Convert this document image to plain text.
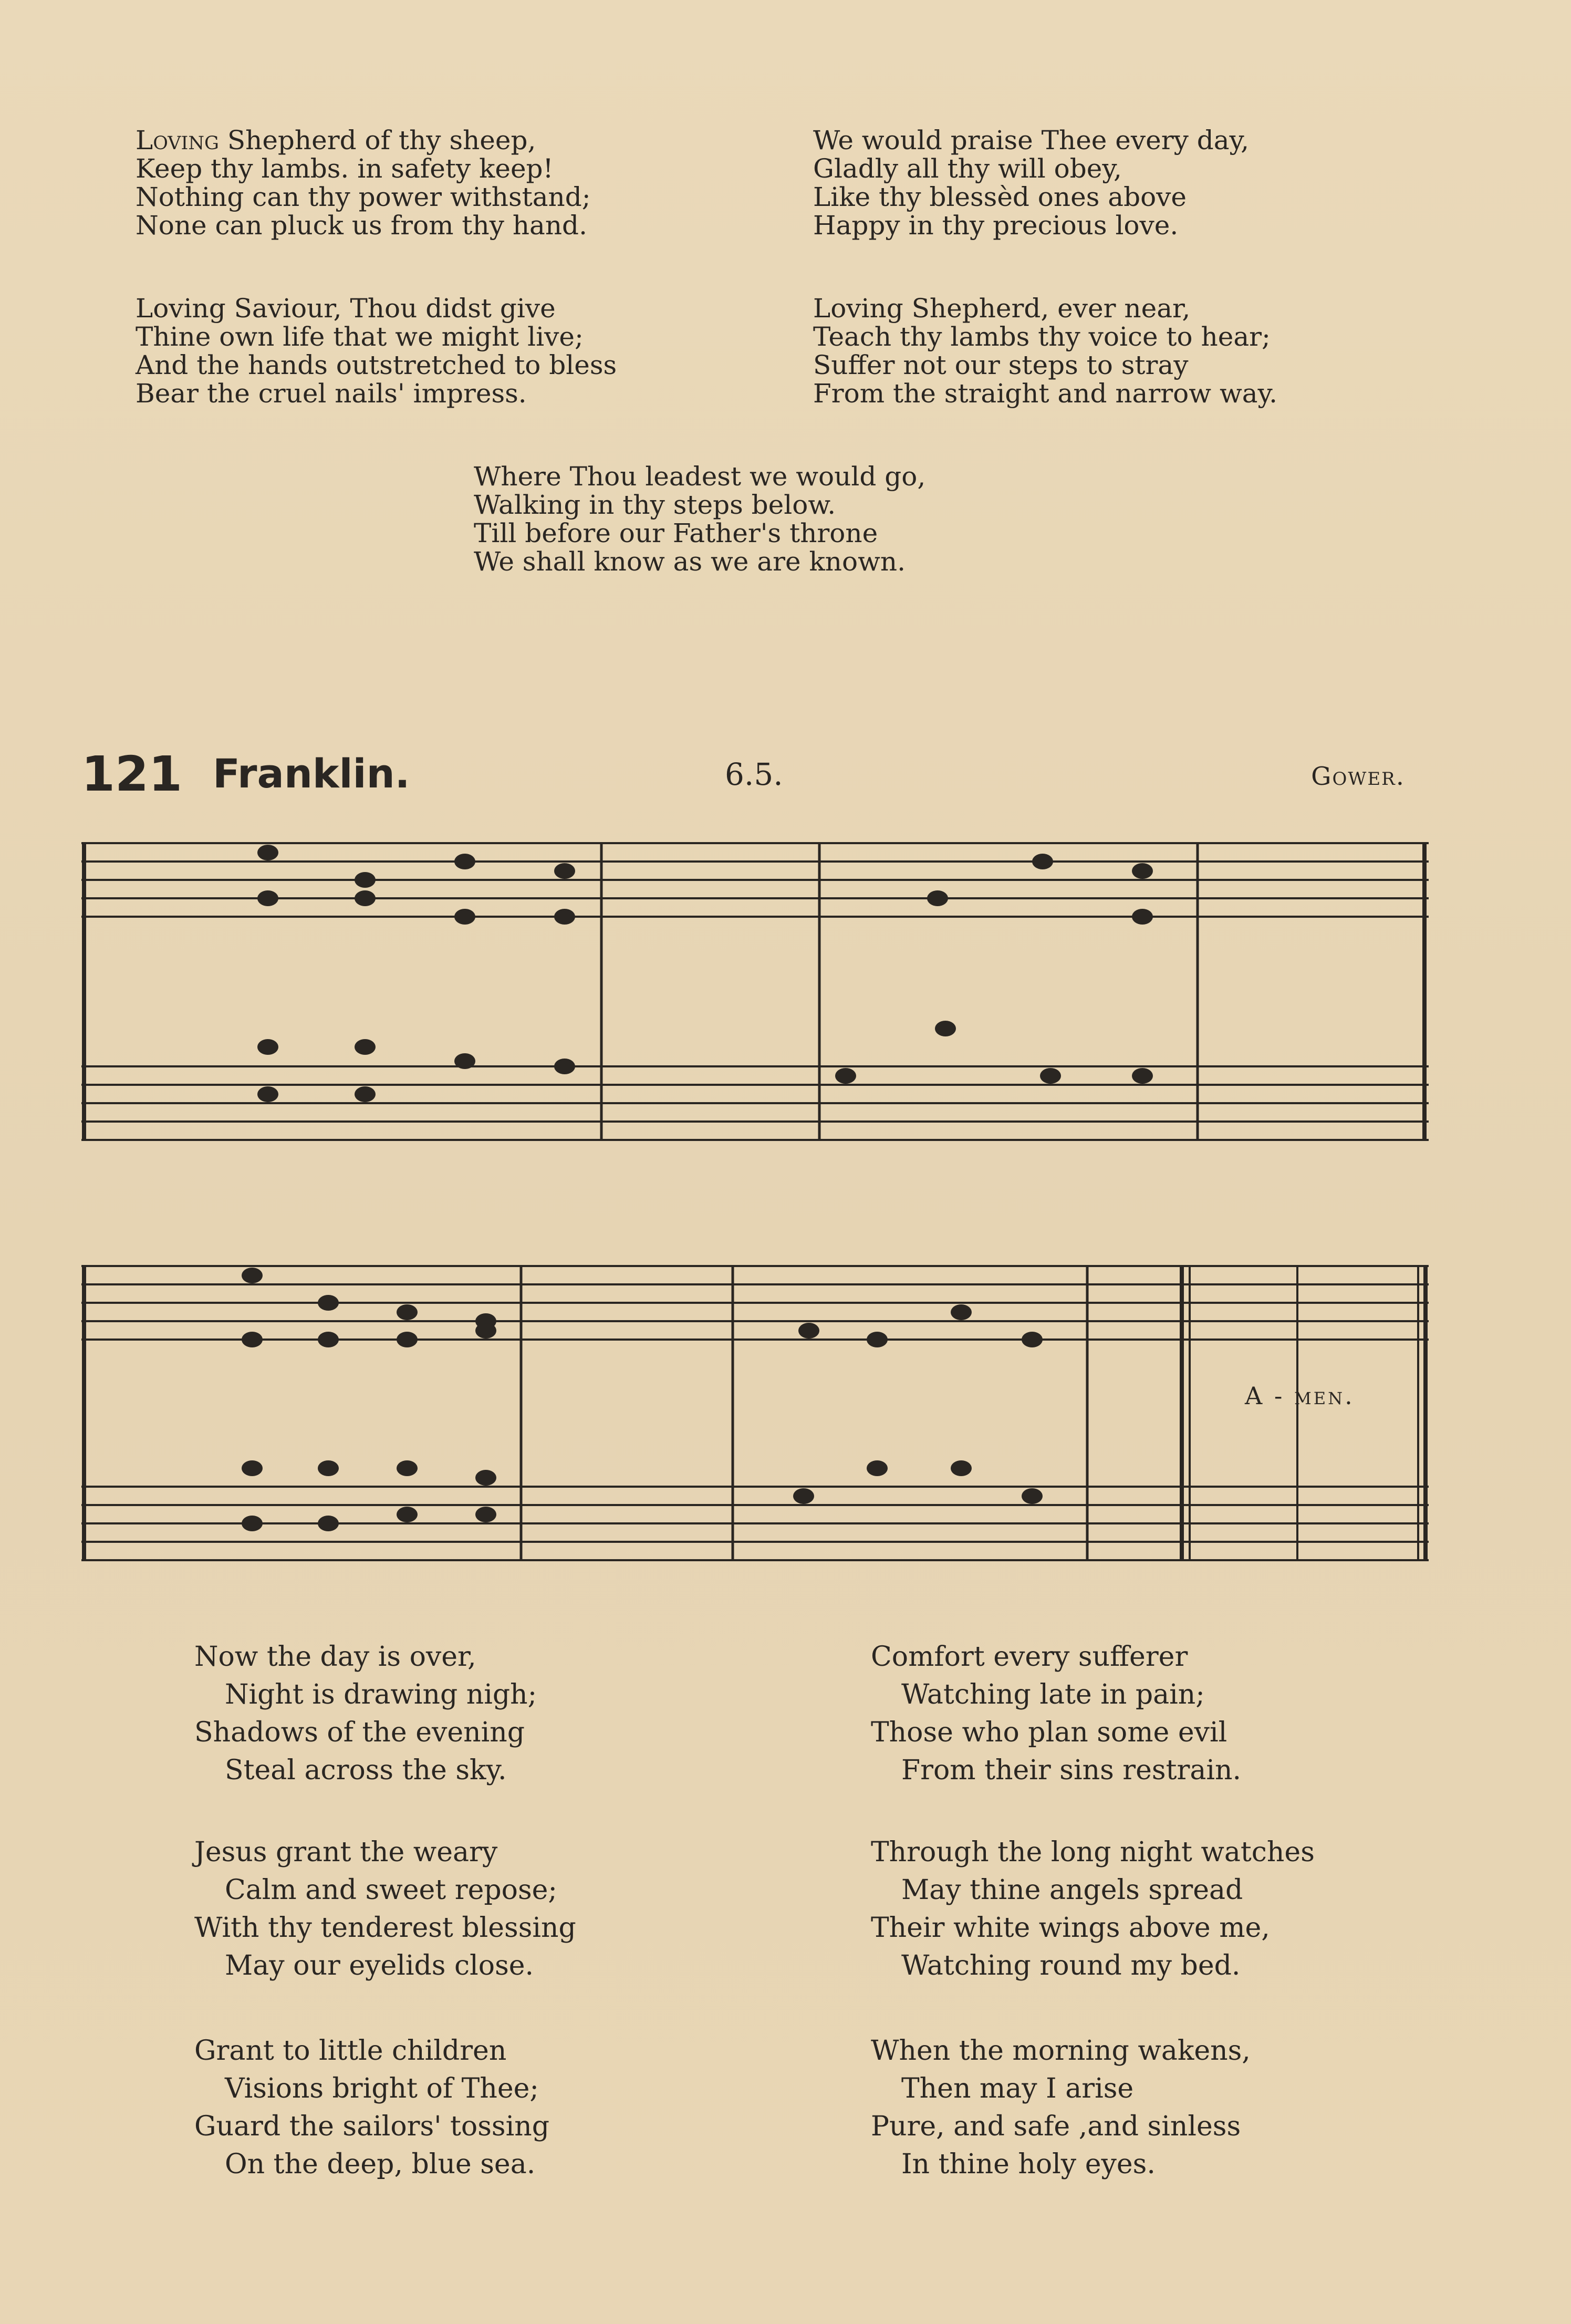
Loving Shepherd of thy sheep,
Keep thy lambs. in safety keep!
Nothing can thy power withstand;
None can pluck us from thy hand.
We would praise Thee every day,
Gladly all thy will obey,
Like thy blessèd ones above
Happy in thy precious love.
Loving Saviour, Thou didst give
Thine own life that we might live;
And the hands outstretched to bless
Bear the cruel nails' impress.
Loving Shepherd, ever near,
Teach thy lambs thy voice to hear;
Suffer not our steps to stray
From the straight and narrow way.
Where Thou leadest we would go,
Walking in thy steps below.
Till before our Father's throne
We shall know as we are known.
121 Franklin.	6.5.	Gower.
A - men.
Now the day is over,
Night is drawing nigh;
Shadows of the evening
Steal across the sky.
Comfort every sufferer
Watching late in pain;
Those who plan some evil
From their sins restrain.
Jesus grant the weary
Calm and sweet repose;
With thy tenderest blessing
May our eyelids close.
Through the long night watches
May thine angels spread
Their white wings above me,
Watching round my bed.
Grant to little children
Visions bright of Thee;
Guard the sailors' tossing
On the deep, blue sea.
When the morning wakens,
Then may I arise
Pure, and safe ,and sinless
In thine holy eyes.
